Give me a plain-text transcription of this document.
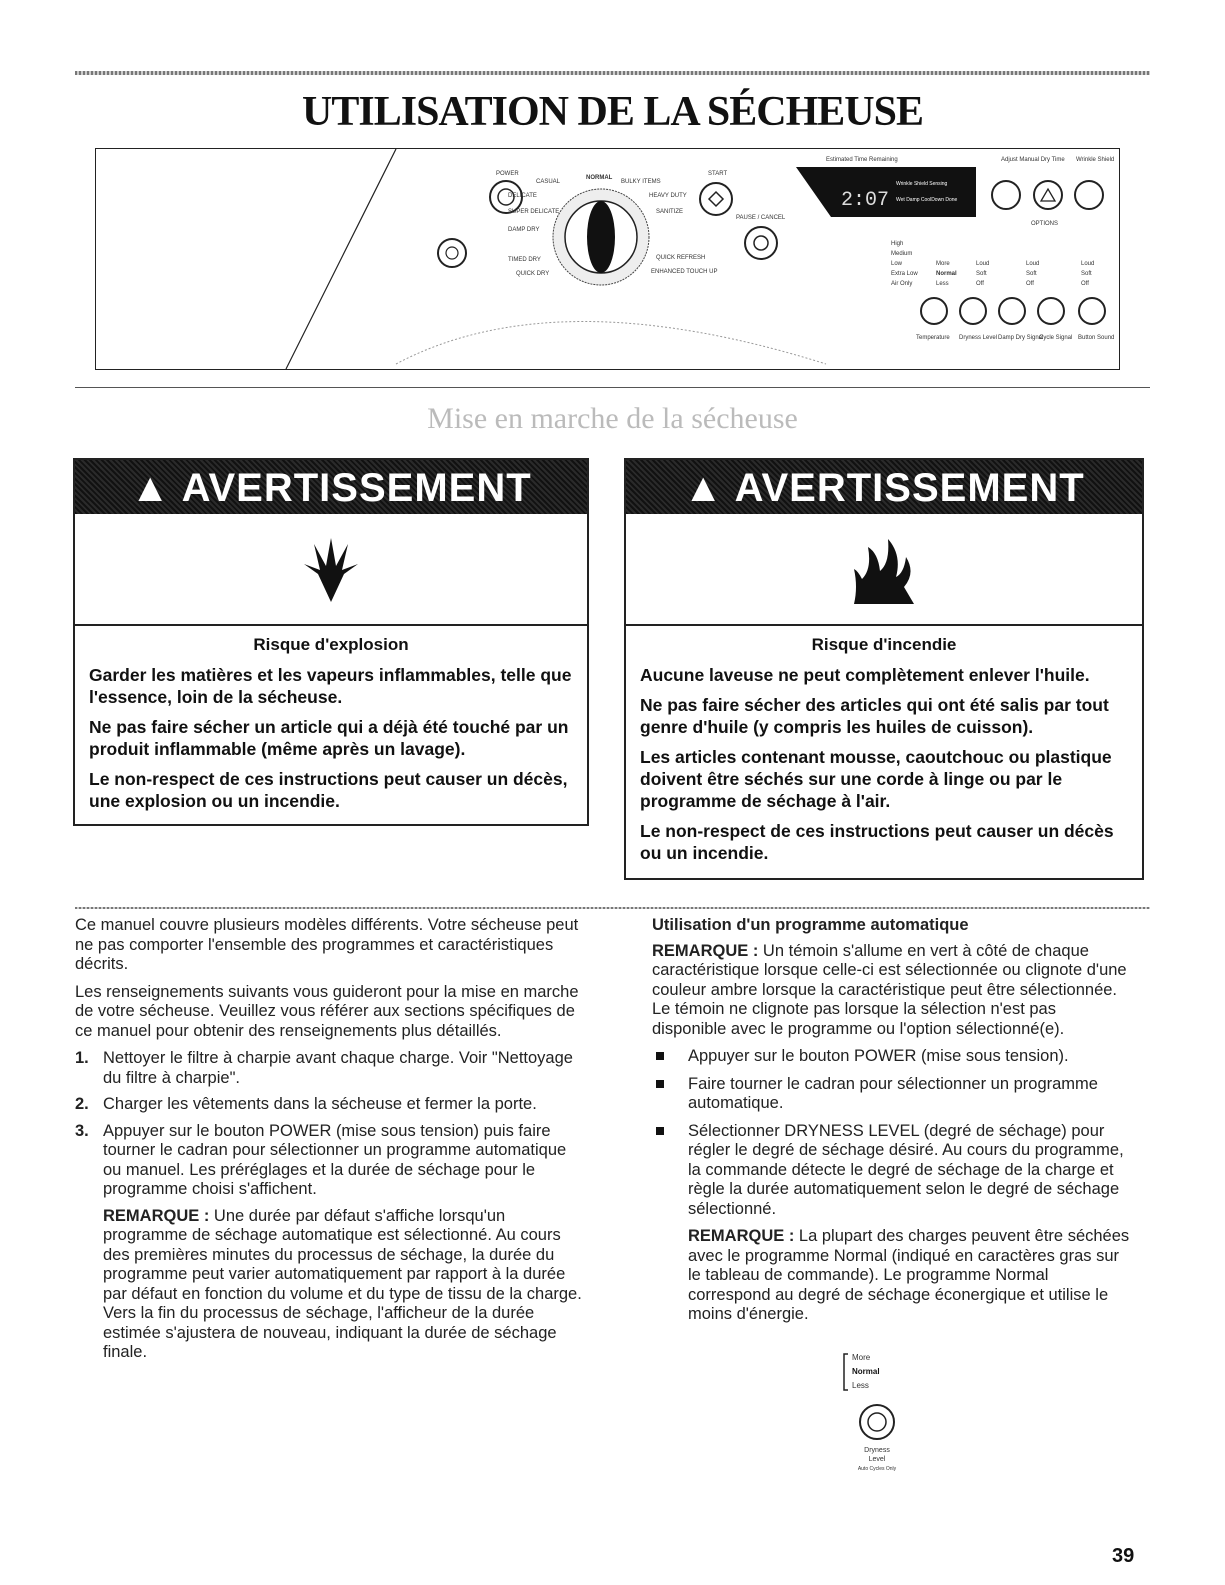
UTILISATION DE LA SÉCHEUSE
POWER
NORMAL
CASUAL	BULKY ITEMS
DELICATE	HEAVY DUTY
SUPER DELICATE	SANITIZE
DAMP DRY
TIMED DRY	QUICK REFRESH
QUICK DRY	ENHANCED TOUCH UP
START
PAUSE / CANCEL
Estimated Time Remaining
2:07
Wrinkle Shield Sensing
Wet Damp CoolDown Done
Adjust Manual Dry Time Wrinkle Shield
OPTIONS
High
Medium
Low
Extra Low
Air Only
More
Normal
Less
Loud
Soft
Off
Loud
Soft
Off
Loud
Soft
Off
Temperature Dryness Level Damp Dry Signal
Cycle Signal Button Sound
Mise en marche de la sécheuse
▲ AVERTISSEMENT
Risque d'explosion

Garder les matières et les vapeurs inflammables, telle que l'essence, loin de la sécheuse.

Ne pas faire sécher un article qui a déjà été touché par un produit inflammable (même après un lavage).

Le non-respect de ces instructions peut causer un décès, une explosion ou un incendie.

▲ AVERTISSEMENT
Risque d'incendie

Aucune laveuse ne peut complètement enlever l'huile.

Ne pas faire sécher des articles qui ont été salis par tout genre d'huile (y compris les huiles de cuisson).

Les articles contenant mousse, caoutchouc ou plastique doivent être séchés sur une corde à linge ou par le programme de séchage à l'air.

Le non-respect de ces instructions peut causer un décès ou un incendie.

Ce manuel couvre plusieurs modèles différents. Votre sécheuse peut ne pas comporter l'ensemble des programmes et caractéristiques décrits.

Les renseignements suivants vous guideront pour la mise en marche de votre sécheuse. Veuillez vous référer aux sections spécifiques de ce manuel pour obtenir des renseignements plus détaillés.

1. Nettoyer le filtre à charpie avant chaque charge. Voir "Nettoyage du filtre à charpie".
2. Charger les vêtements dans la sécheuse et fermer la porte.
3. Appuyer sur le bouton POWER (mise sous tension) puis faire tourner le cadran pour sélectionner un programme automatique ou manuel. Les préréglages et la durée de séchage pour le programme choisi s'affichent.

REMARQUE : Une durée par défaut s'affiche lorsqu'un programme de séchage automatique est sélectionné. Au cours des premières minutes du processus de séchage, la durée du programme peut varier automatiquement par rapport à la durée par défaut en fonction du volume et du type de tissu de la charge. Vers la fin du processus de séchage, l'afficheur de la durée estimée s'ajustera de nouveau, indiquant la durée de séchage finale.

Utilisation d'un programme automatique

REMARQUE : Un témoin s'allume en vert à côté de chaque caractéristique lorsque celle-ci est sélectionnée ou clignote d'une couleur ambre lorsque la caractéristique peut être sélectionnée. Le témoin ne clignote pas lorsque la sélection n'est pas disponible avec le programme ou l'option sélectionné(e).

Appuyer sur le bouton POWER (mise sous tension).
Faire tourner le cadran pour sélectionner un programme automatique.
Sélectionner DRYNESS LEVEL (degré de séchage) pour régler le degré de séchage désiré. Au cours du programme, la commande détecte le degré de séchage de la charge et règle la durée automatiquement selon le degré de séchage sélectionné.

REMARQUE : La plupart des charges peuvent être séchées avec le programme Normal (indiqué en caractères gras sur le tableau de commande). Le programme Normal correspond au degré de séchage éconergique et utilise le moins d'énergie.

More
Normal
Less
Dryness
Level
Auto Cycles Only
39
